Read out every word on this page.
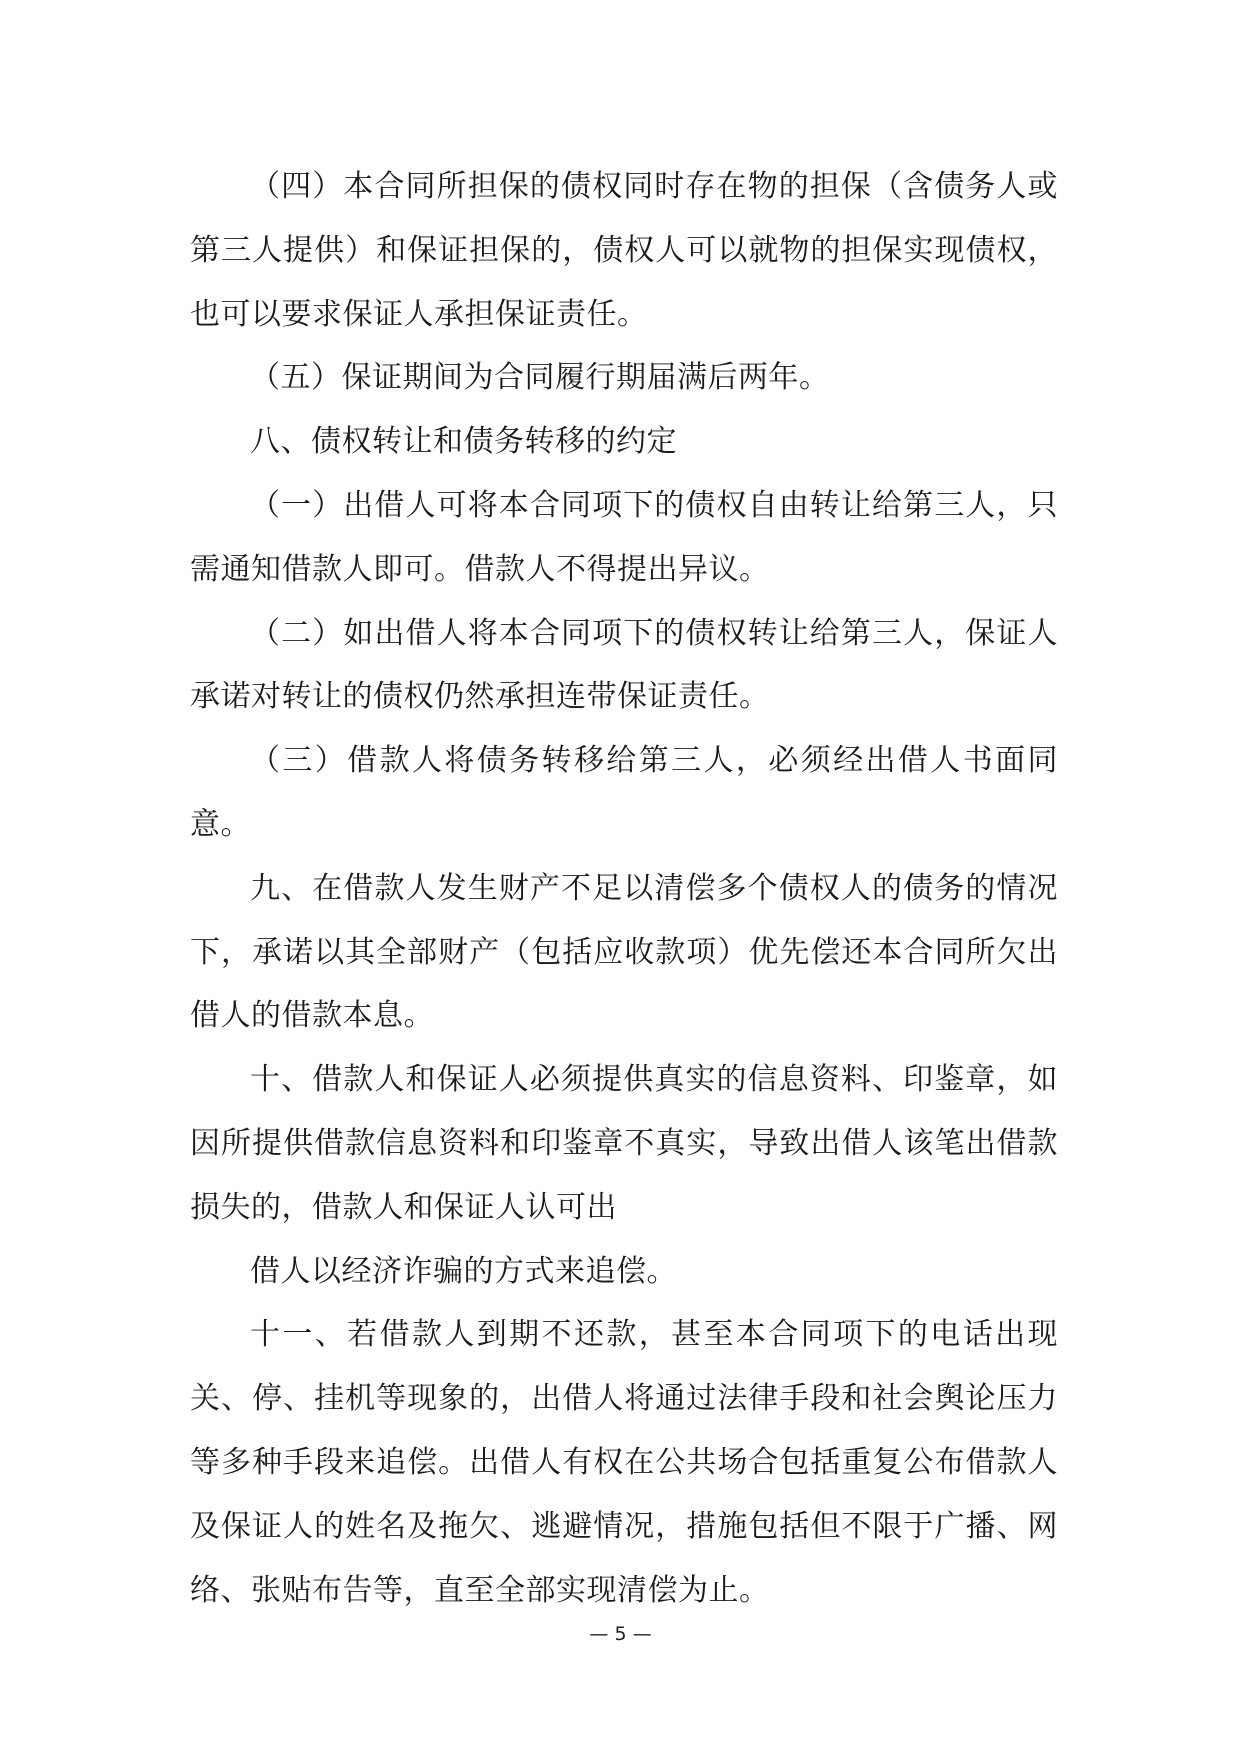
（四）本合同所担保的债权同时存在物的担保（含债务人或第三人提供）和保证担保的，债权人可以就物的担保实现债权，也可以要求保证人承担保证责任。

（五）保证期间为合同履行期届满后两年。

八、债权转让和债务转移的约定

（一）出借人可将本合同项下的债权自由转让给第三人，只需通知借款人即可。借款人不得提出异议。

（二）如出借人将本合同项下的债权转让给第三人，保证人承诺对转让的债权仍然承担连带保证责任。

（三）借款人将债务转移给第三人，必须经出借人书面同意。

九、在借款人发生财产不足以清偿多个债权人的债务的情况下，承诺以其全部财产（包括应收款项）优先偿还本合同所欠出借人的借款本息。

十、借款人和保证人必须提供真实的信息资料、印鉴章，如因所提供借款信息资料和印鉴章不真实，导致出借人该笔出借款损失的，借款人和保证人认可出

借人以经济诈骗的方式来追偿。

十一、若借款人到期不还款，甚至本合同项下的电话出现关、停、挂机等现象的，出借人将通过法律手段和社会舆论压力等多种手段来追偿。出借人有权在公共场合包括重复公布借款人及保证人的姓名及拖欠、逃避情况，措施包括但不限于广播、网络、张贴布告等，直至全部实现清偿为止。

— 5 —
